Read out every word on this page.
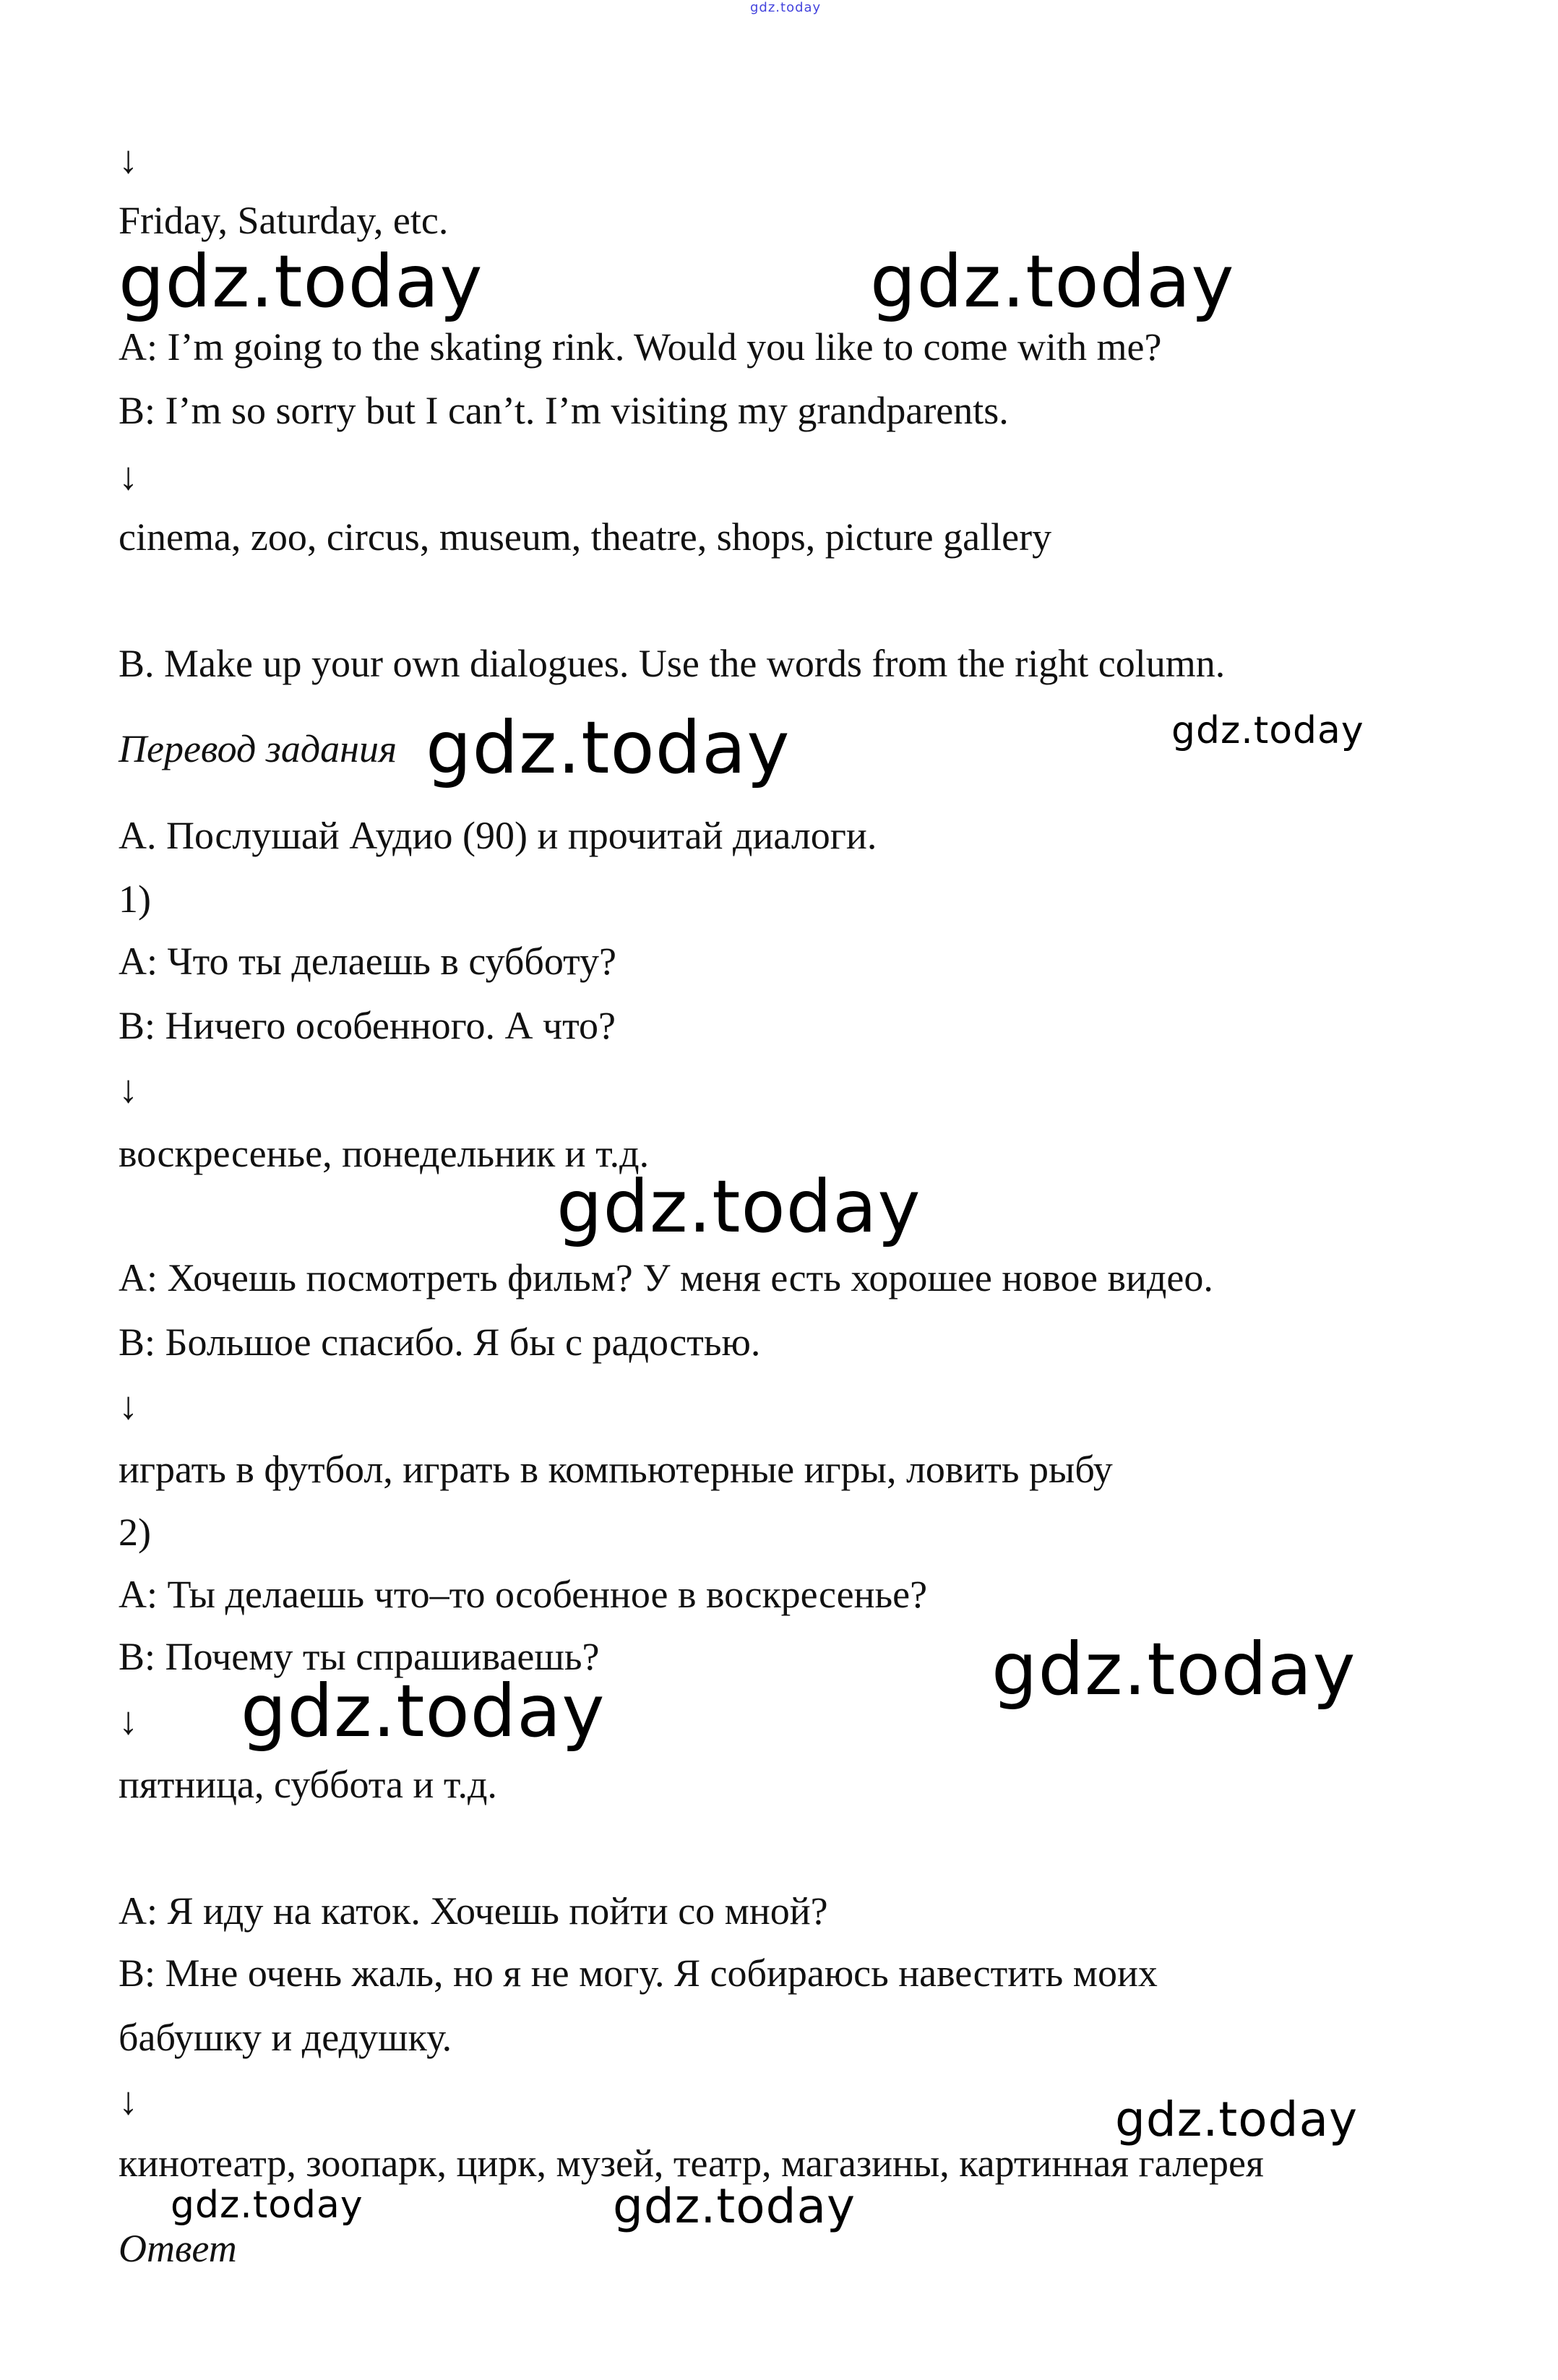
gdz.today
↓
Friday, Saturday, etc.
A: I’m going to the skating rink. Would you like to come with me?
B: I’m so sorry but I can’t. I’m visiting my grandparents.
↓
cinema, zoo, circus, museum, theatre, shops, picture gallery
B. Make up your own dialogues. Use the words from the right column.
Перевод задания
A. Послушай Аудио (90) и прочитай диалоги.
1)
A: Что ты делаешь в субботу?
B: Ничего особенного. А что?
↓
воскресенье, понедельник и т.д.
A: Хочешь посмотреть фильм? У меня есть хорошее новое видео.
B: Большое спасибо. Я бы с радостью.
↓
играть в футбол, играть в компьютерные игры, ловить рыбу
2)
A: Ты делаешь что–то особенное в воскресенье?
B: Почему ты спрашиваешь?
↓
пятница, суббота и т.д.
A: Я иду на каток. Хочешь пойти со мной?
B: Мне очень жаль, но я не могу. Я собираюсь навестить моих
бабушку и дедушку.
↓
кинотеатр, зоопарк, цирк, музей, театр, магазины, картинная галерея
Ответ
gdz.today	gdz.today
gdz.today	gdz.today
gdz.today
gdz.today
gdz.today
gdz.today
gdz.today	gdz.today
